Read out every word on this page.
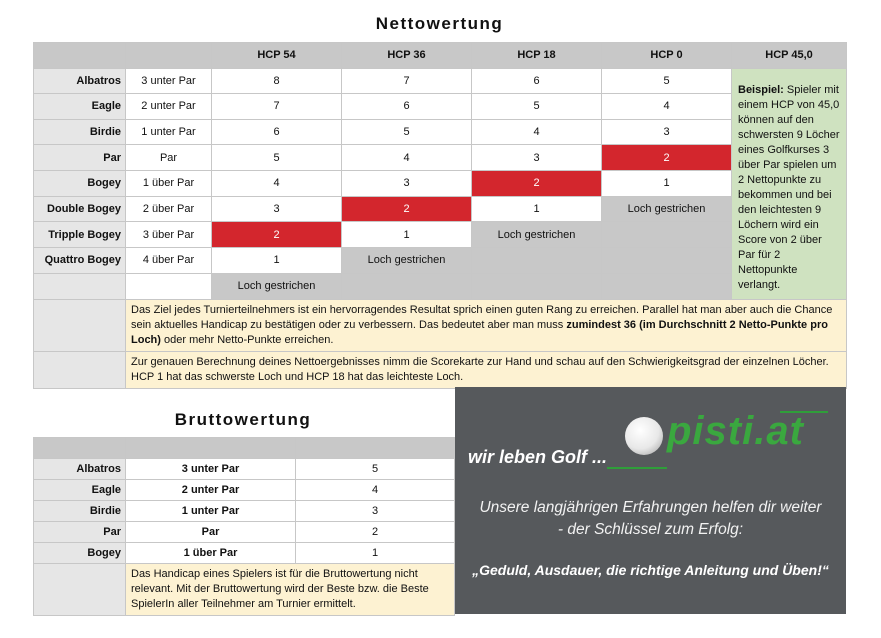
Nettowertung
		HCP 54	HCP 36	HCP 18	HCP 0	HCP 45,0
Albatros	3 unter Par	8	7	6	5	Beispiel: Spieler mit einem HCP von 45,0 können auf den schwersten 9 Löcher eines Golfkurses 3 über Par spielen um 2 Nettopunkte zu bekommen und bei den leichtesten 9 Löchern wird ein Score von 2 über Par für 2 Nettopunkte verlangt.
Eagle	2 unter Par	7	6	5	4	
Birdie	1 unter Par	6	5	4	3	
Par	Par	5	4	3	2	
Bogey	1 über Par	4	3	2	1	
Double Bogey	2 über Par	3	2	1	Loch gestrichen	
Tripple Bogey	3 über Par	2	1	Loch gestrichen		
Quattro Bogey	4 über Par	1	Loch gestrichen			
		Loch gestrichen				
	Das Ziel jedes Turnierteilnehmers ist ein hervorragendes Resultat sprich einen guten Rang zu erreichen. Parallel hat man aber auch die Chance sein aktuelles Handicap zu bestätigen oder zu verbessern. Das bedeutet aber man muss zumindest 36 (im Durchschnitt 2 Netto-Punkte pro Loch) oder mehr Netto-Punkte erreichen.					
	Zur genauen Berechnung deines Nettoergebnisses nimm die Scorekarte zur Hand und schau auf den Schwierigkeitsgrad der einzelnen Löcher. HCP 1 hat das schwerste Loch und HCP 18 hat das leichteste Loch.					
Bruttowertung

Albatros	3 unter Par	5
Eagle	2 unter Par	4
Birdie	1 unter Par	3
Par	Par	2
Bogey	1 über Par	1
	Das Handicap eines Spielers ist für die Bruttowertung nicht relevant. Mit der Bruttowertung wird der Beste bzw. die Beste SpielerIn aller Teilnehmer am Turnier ermittelt.	
wir leben Golf ...
pisti.at
Unsere langjährigen Erfahrungen helfen dir weiter
- der Schlüssel zum Erfolg:
„Geduld, Ausdauer, die richtige Anleitung und Üben!“
